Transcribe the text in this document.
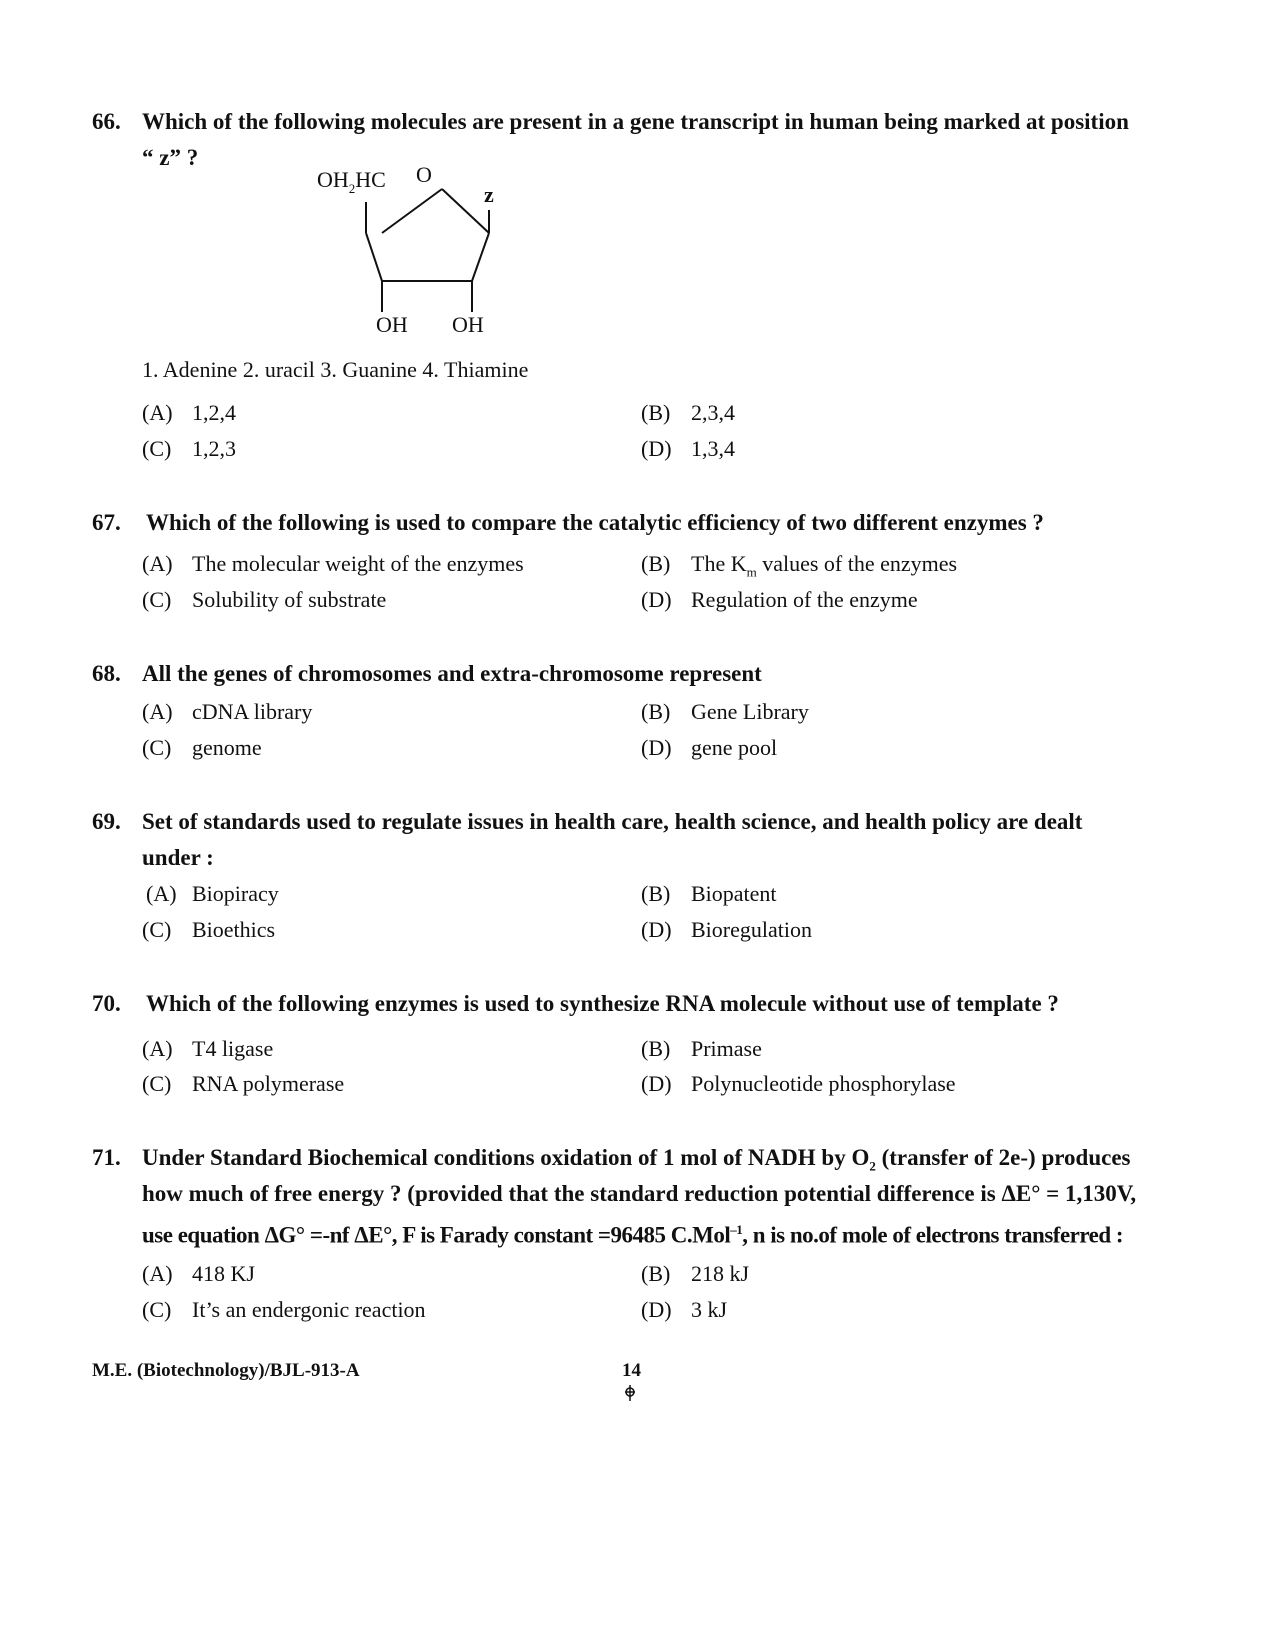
66. Which of the following molecules are present in a gene transcript in human being marked at position
“ z” ?
$OH_2HC$ O
z
OH OH
1. Adenine 2. uracil 3. Guanine 4. Thiamine
(A) 1,2,4	(B) 2,3,4
(C) 1,2,3	(D) 1,3,4
67. Which of the following is used to compare the catalytic efficiency of two different enzymes ?
(A) The molecular weight of the enzymes	(B) The $K_m$ values of the enzymes
(C) Solubility of substrate	(D) Regulation of the enzyme
68. All the genes of chromosomes and extra-chromosome represent
(A) cDNA library	(B) Gene Library
(C) genome	(D) gene pool
69. Set of standards used to regulate issues in health care, health science, and health policy are dealt
under :
(A) Biopiracy	(B) Biopatent
(C) Bioethics	(D) Bioregulation
70. Which of the following enzymes is used to synthesize RNA molecule without use of template ?
(A) T4 ligase	(B) Primase
(C) RNA polymerase	(D) Polynucleotide phosphorylase
71. Under Standard Biochemical conditions oxidation of 1 mol of NADH by $O_2$ (transfer of 2e-) produces
how much of free energy ? (provided that the standard reduction potential difference is ΔE° = 1,130V,
use equation ΔG° =-nf ΔE°, F is Farady constant =96485 C.Mol$^{-1}$, n is no.of mole of electrons transferred :
(A) 418 KJ	(B) 218 kJ
(C) It’s an endergonic reaction	(D) 3 kJ
M.E. (Biotechnology)/BJL-913-A	14
